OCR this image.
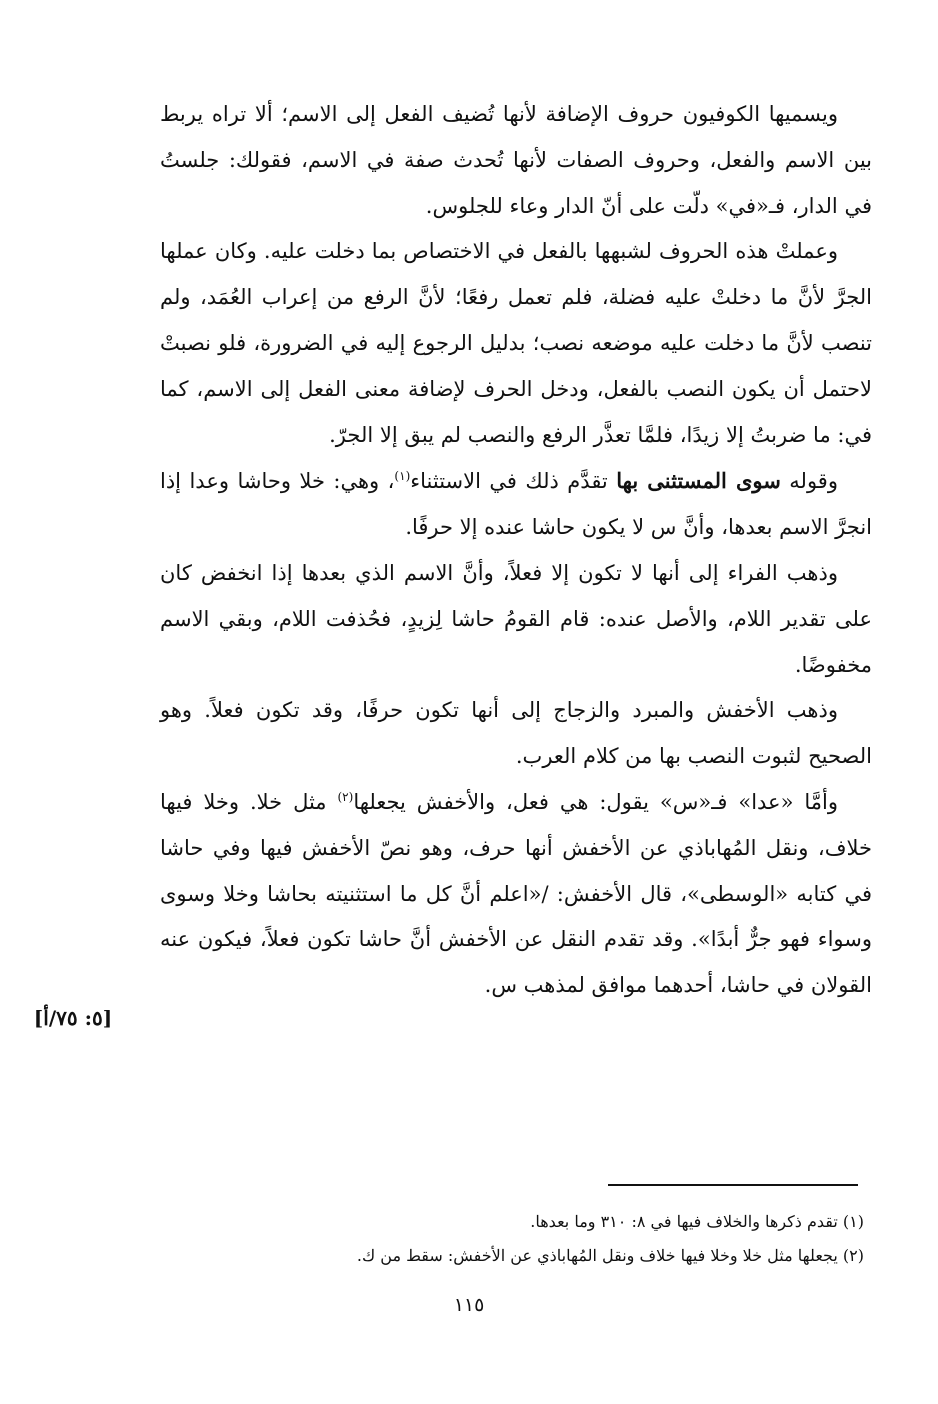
ويسميها الكوفيون حروف الإضافة لأنها تُضيف الفعل إلى الاسم؛ ألا تراه يربط بين الاسم والفعل، وحروف الصفات لأنها تُحدث صفة في الاسم، فقولك: جلستُ في الدار، فـ«في» دلّت على أنّ الدار وعاء للجلوس.

وعملتْ هذه الحروف لشبهها بالفعل في الاختصاص بما دخلت عليه. وكان عملها الجرَّ لأنَّ ما دخلتْ عليه فضلة، فلم تعمل رفعًا؛ لأنَّ الرفع من إعراب العُمَد، ولم تنصب لأنَّ ما دخلت عليه موضعه نصب؛ بدليل الرجوع إليه في الضرورة، فلو نصبتْ لاحتمل أن يكون النصب بالفعل، ودخل الحرف لإضافة معنى الفعل إلى الاسم، كما في: ما ضربتُ إلا زيدًا، فلمَّا تعذَّر الرفع والنصب لم يبق إلا الجرّ.

وقوله سوى المستثنى بها تقدَّم ذلك في الاستثناء$^{(١)}$، وهي: خلا وحاشا وعدا إذا انجرَّ الاسم بعدها، وأنَّ س لا يكون حاشا عنده إلا حرفًا.

وذهب الفراء إلى أنها لا تكون إلا فعلاً، وأنَّ الاسم الذي بعدها إذا انخفض كان على تقدير اللام، والأصل عنده: قام القومُ حاشا لِزيدٍ، فحُذفت اللام، وبقي الاسم مخفوضًا.

وذهب الأخفش والمبرد والزجاج إلى أنها تكون حرفًا، وقد تكون فعلاً. وهو الصحيح لثبوت النصب بها من كلام العرب.

وأمَّا «عدا» فـ«س» يقول: هي فعل، والأخفش يجعلها$^{(٢)}$ مثل خلا. وخلا فيها خلاف، ونقل المُهاباذي عن الأخفش أنها حرف، وهو نصّ الأخفش فيها وفي حاشا في كتابه «الوسطى»، قال الأخفش: /«اعلم أنَّ كل ما استثنيته بحاشا وخلا وسوى وسواء فهو جرٌّ أبدًا». وقد تقدم النقل عن الأخفش أنَّ حاشا تكون فعلاً، فيكون عنه القولان في حاشا، أحدهما موافق لمذهب س.

[٥: ٧٥/أ]

(١) تقدم ذكرها والخلاف فيها في ٨: ٣١٠ وما بعدها.

(٢) يجعلها مثل خلا وخلا فيها خلاف ونقل المُهاباذي عن الأخفش: سقط من ك.

١١٥
